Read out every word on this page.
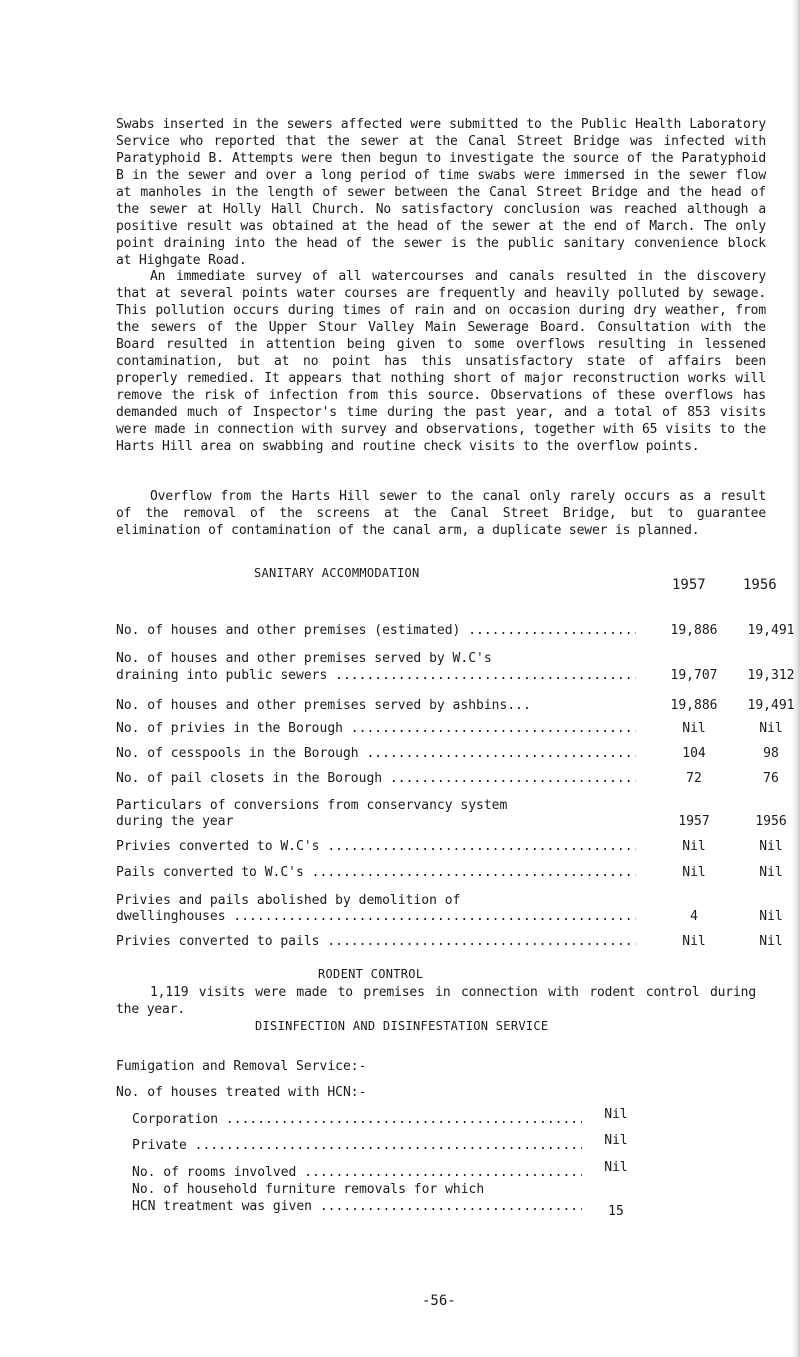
Swabs inserted in the sewers affected were submitted to the Public Health Laboratory Service who reported that the sewer at the Canal Street Bridge was infected with Paratyphoid B. Attempts were then begun to investigate the source of the Paratyphoid B in the sewer and over a long period of time swabs were immersed in the sewer flow at manholes in the length of sewer between the Canal Street Bridge and the head of the sewer at Holly Hall Church. No satisfactory conclusion was reached although a positive result was obtained at the head of the sewer at the end of March. The only point draining into the head of the sewer is the public sanitary convenience block at Highgate Road.

An immediate survey of all watercourses and canals resulted in the discovery that at several points water courses are frequently and heavily polluted by sewage. This pollution occurs during times of rain and on occasion during dry weather, from the sewers of the Upper Stour Valley Main Sewerage Board. Consultation with the Board resulted in attention being given to some overflows resulting in lessened contamination, but at no point has this unsatisfactory state of affairs been properly remedied. It appears that nothing short of major reconstruction works will remove the risk of infection from this source. Observations of these overflows has demanded much of Inspector's time during the past year, and a total of 853 visits were made in connection with survey and observations, together with 65 visits to the Harts Hill area on swabbing and routine check visits to the overflow points.

Overflow from the Harts Hill sewer to the canal only rarely occurs as a result of the removal of the screens at the Canal Street Bridge, but to guarantee elimination of contamination of the canal arm, a duplicate sewer is planned.

SANITARY ACCOMMODATION

1957	1956
No. of houses and other premises (estimated) .....	19,886	19,491
No. of houses and other premises served by W.C's
draining into public sewers .....	19,707	19,312
No. of houses and other premises served by ashbins...	19,886	19,491
No. of privies in the Borough .....	Nil	Nil
No. of cesspools in the Borough .....	104	98
No. of pail closets in the Borough .....	72	76
Particulars of conversions from conservancy system
during the year	1957	1956
Privies converted to W.C's .....	Nil	Nil
Pails converted to W.C's .....	Nil	Nil
Privies and pails abolished by demolition of
dwellinghouses .....	4	Nil
Privies converted to pails .....	Nil	Nil

RODENT CONTROL

1,119 visits were made to premises in connection with rodent control during the year.

DISINFECTION AND DISINFESTATION SERVICE

Fumigation and Removal Service:-
No. of houses treated with HCN:-
Corporation .....	Nil
Private .....	Nil
No. of rooms involved .....	Nil
No. of household furniture removals for which
HCN treatment was given .....	15
-56-
